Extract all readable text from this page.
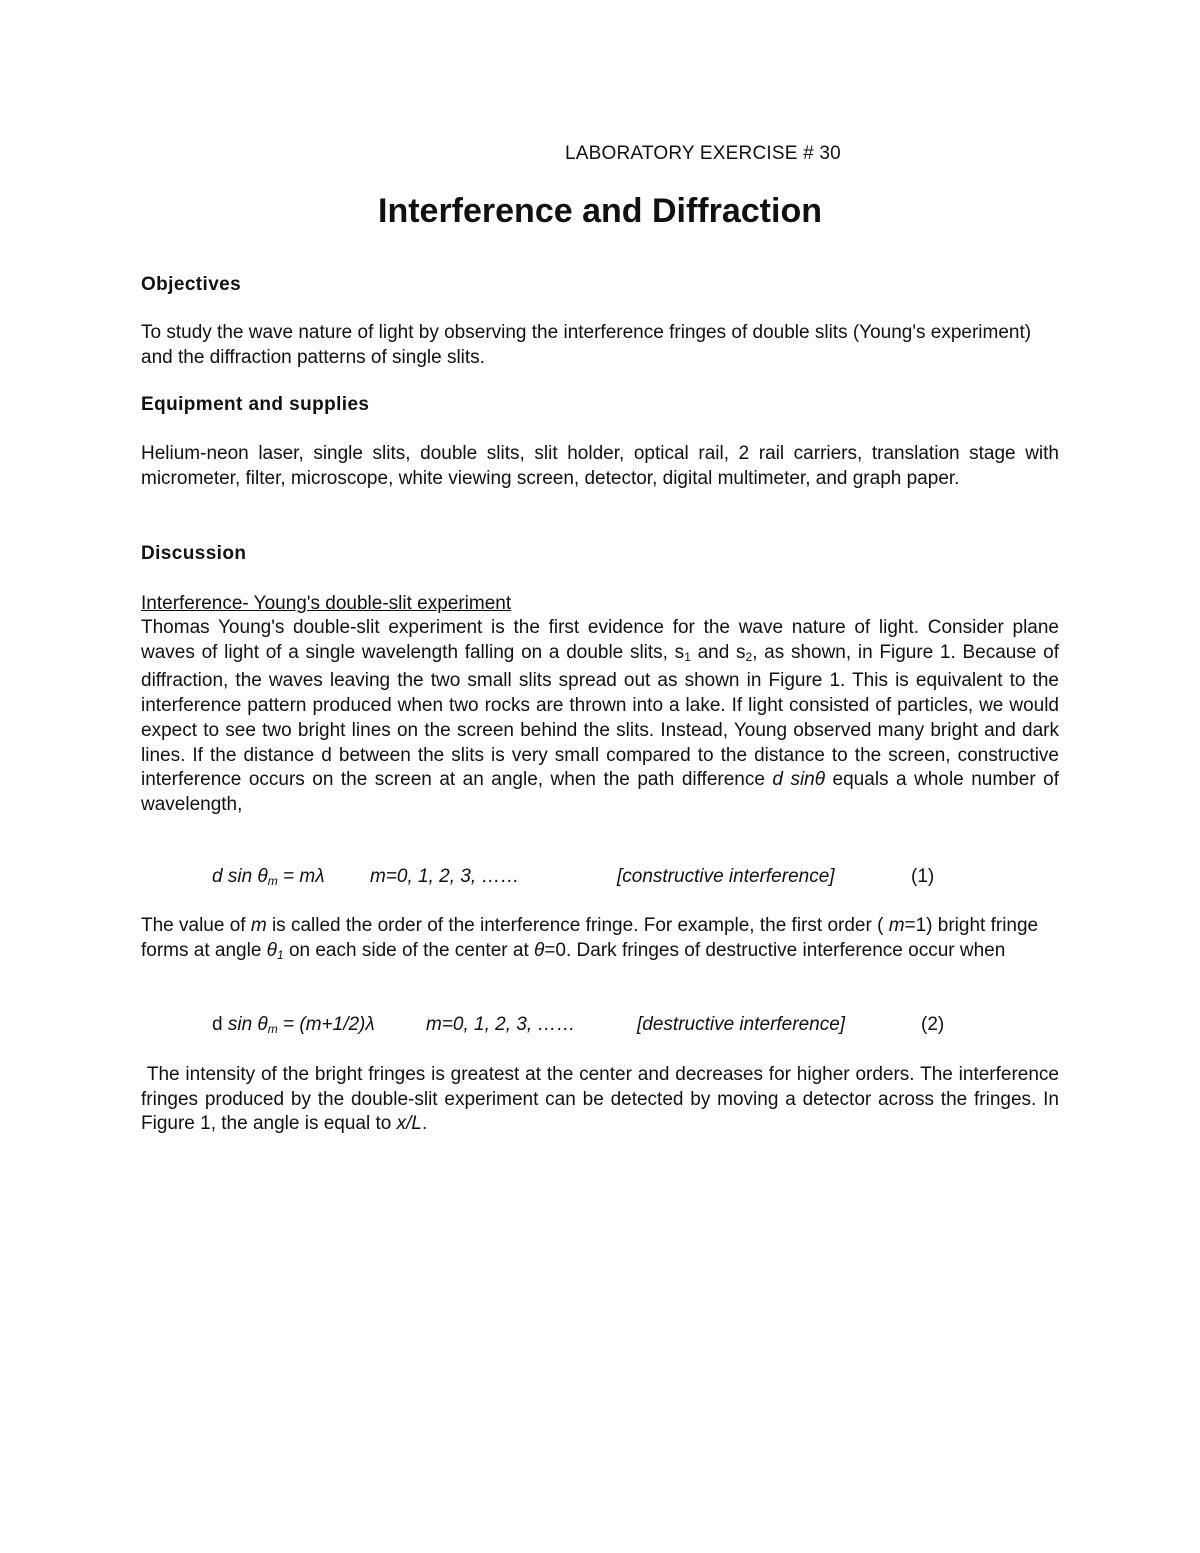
LABORATORY EXERCISE # 30
Interference and Diffraction
Objectives
To study the wave nature of light by observing the interference fringes of double slits (Young's experiment) and the diffraction patterns of single slits.
Equipment and supplies
Helium-neon laser, single slits, double slits, slit holder, optical rail, 2 rail carriers, translation stage with micrometer, filter, microscope, white viewing screen, detector, digital multimeter, and graph paper.
Discussion
Interference- Young's double-slit experiment
Thomas Young's double-slit experiment is the first evidence for the wave nature of light. Consider plane waves of light of a single wavelength falling on a double slits, $s_1$ and $s_2$, as shown, in Figure 1. Because of diffraction, the waves leaving the two small slits spread out as shown in Figure 1. This is equivalent to the interference pattern produced when two rocks are thrown into a lake. If light consisted of particles, we would expect to see two bright lines on the screen behind the slits. Instead, Young observed many bright and dark lines. If the distance d between the slits is very small compared to the distance to the screen, constructive interference occurs on the screen at an angle, when the path difference d sinθ equals a whole number of wavelength,
d $\sin \theta_m = m\lambda$ m=0, 1, 2, 3, ……	[constructive interference]	(1)
The value of m is called the order of the interference fringe. For example, the first order ( m=1) bright fringe forms at angle $\theta_1$ on each side of the center at θ=0. Dark fringes of destructive interference occur when
d $\sin \theta_m = (m+1/2)\lambda$	m=0, 1, 2, 3, ……	[destructive interference]	(2)
The intensity of the bright fringes is greatest at the center and decreases for higher orders. The interference fringes produced by the double-slit experiment can be detected by moving a detector across the fringes. In Figure 1, the angle is equal to x/L.
